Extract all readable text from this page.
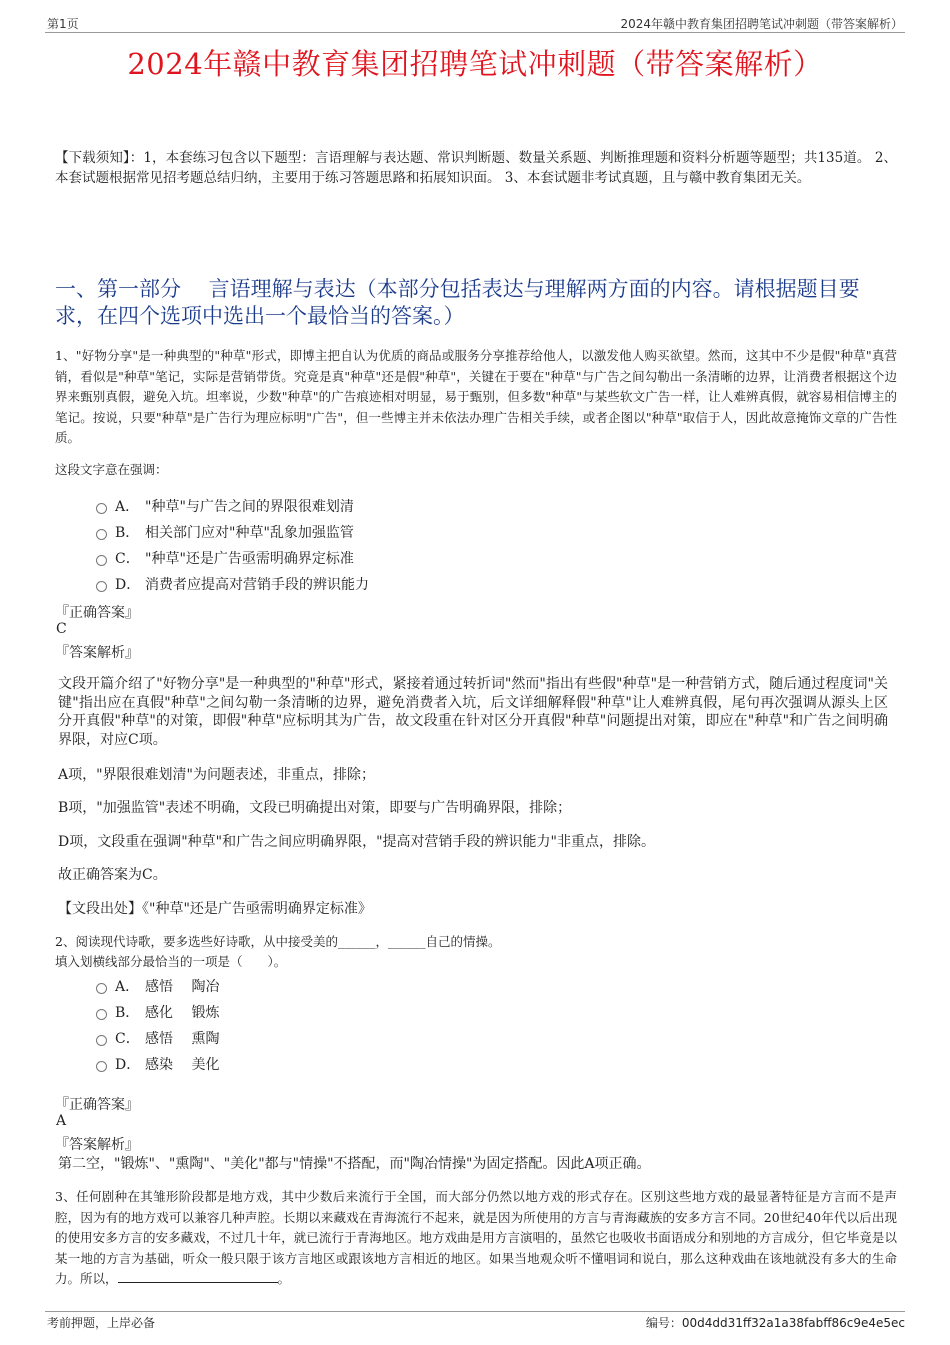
第1页	2024年赣中教育集团招聘笔试冲刺题（带答案解析）
2024年赣中教育集团招聘笔试冲刺题（带答案解析）
【下载须知】：1，本套练习包含以下题型：言语理解与表达题、常识判断题、数量关系题、判断推理题和资料分析题等题型；共135道。 2、本套试题根据常见招考题总结归纳，主要用于练习答题思路和拓展知识面。 3、本套试题非考试真题，且与赣中教育集团无关。
一、第一部分　 言语理解与表达（本部分包括表达与理解两方面的内容。请根据题目要求，在四个选项中选出一个最恰当的答案。）
1、"好物分享"是一种典型的"种草"形式，即博主把自认为优质的商品或服务分享推荐给他人，以激发他人购买欲望。然而，这其中不少是假"种草"真营销，看似是"种草"笔记，实际是营销带货。究竟是真"种草"还是假"种草"，关键在于要在"种草"与广告之间勾勒出一条清晰的边界，让消费者根据这个边界来甄别真假，避免入坑。坦率说，少数"种草"的广告痕迹相对明显，易于甄别，但多数"种草"与某些软文广告一样，让人难辨真假，就容易相信博主的笔记。按说，只要"种草"是广告行为理应标明"广告"，但一些博主并未依法办理广告相关手续，或者企图以"种草"取信于人，因此故意掩饰文章的广告性质。
这段文字意在强调：
A． "种草"与广告之间的界限很难划清
B． 相关部门应对"种草"乱象加强监管
C． "种草"还是广告亟需明确界定标准
D． 消费者应提高对营销手段的辨识能力
『正确答案』
C
『答案解析』
文段开篇介绍了"好物分享"是一种典型的"种草"形式，紧接着通过转折词"然而"指出有些假"种草"是一种营销方式，随后通过程度词"关键"指出应在真假"种草"之间勾勒一条清晰的边界，避免消费者入坑，后文详细解释假"种草"让人难辨真假，尾句再次强调从源头上区分开真假"种草"的对策，即假"种草"应标明其为广告，故文段重在针对区分开真假"种草"问题提出对策，即应在"种草"和广告之间明确界限，对应C项。
A项，"界限很难划清"为问题表述，非重点，排除；
B项，"加强监管"表述不明确，文段已明确提出对策，即要与广告明确界限，排除；
D项，文段重在强调"种草"和广告之间应明确界限，"提高对营销手段的辨识能力"非重点，排除。
故正确答案为C。
【文段出处】《"种草"还是广告亟需明确界定标准》
2、阅读现代诗歌，要多选些好诗歌，从中接受美的______，______自己的情操。
填入划横线部分最恰当的一项是（　　）。
A． 感悟　 陶冶
B． 感化　 锻炼
C． 感悟　 熏陶
D． 感染　 美化
『正确答案』
A
『答案解析』
第二空，"锻炼"、"熏陶"、"美化"都与"情操"不搭配，而"陶冶情操"为固定搭配。因此A项正确。
3、任何剧种在其雏形阶段都是地方戏，其中少数后来流行于全国，而大部分仍然以地方戏的形式存在。区别这些地方戏的最显著特征是方言而不是声腔，因为有的地方戏可以兼容几种声腔。长期以来藏戏在青海流行不起来，就是因为所使用的方言与青海藏族的安多方言不同。20世纪40年代以后出现的使用安多方言的安多藏戏，不过几十年，就已流行于青海地区。地方戏曲是用方言演唱的，虽然它也吸收书面语成分和别地的方言成分，但它毕竟是以某一地的方言为基础，听众一般只限于该方言地区或跟该地方言相近的地区。如果当地观众听不懂唱词和说白，那么这种戏曲在该地就没有多大的生命力。所以，	。
考前押题，上岸必备	编号：00d4dd31ff32a1a38fabff86c9e4e5ec
